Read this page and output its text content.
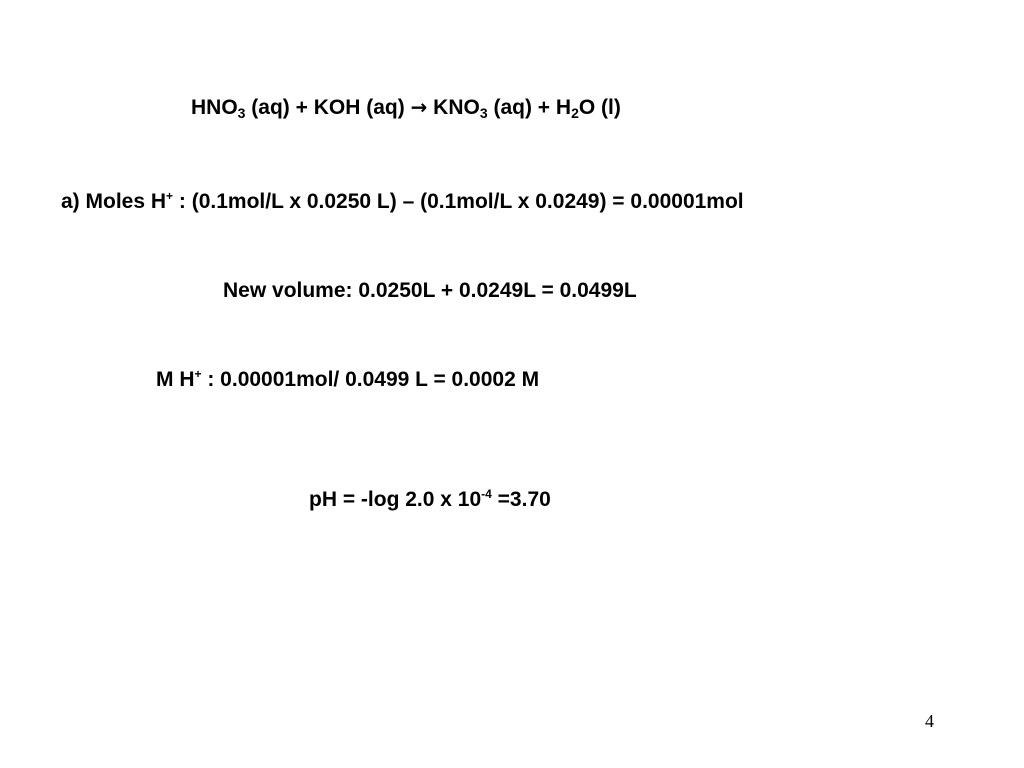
$HNO_3$ (aq) + KOH $(aq) \to KNO_3$ $(aq) + H_2O$ (l)
a) Moles H+ : (0.1mol/L x 0.0250 L) – (0.1mol/L x 0.0249) = 0.00001mol
New volume: 0.0250L + 0.0249L = 0.0499L
M H+ : 0.00001mol/ 0.0499 L = 0.0002 M
pH = -log 2.0 x $10^{-4} =3.70$
4
